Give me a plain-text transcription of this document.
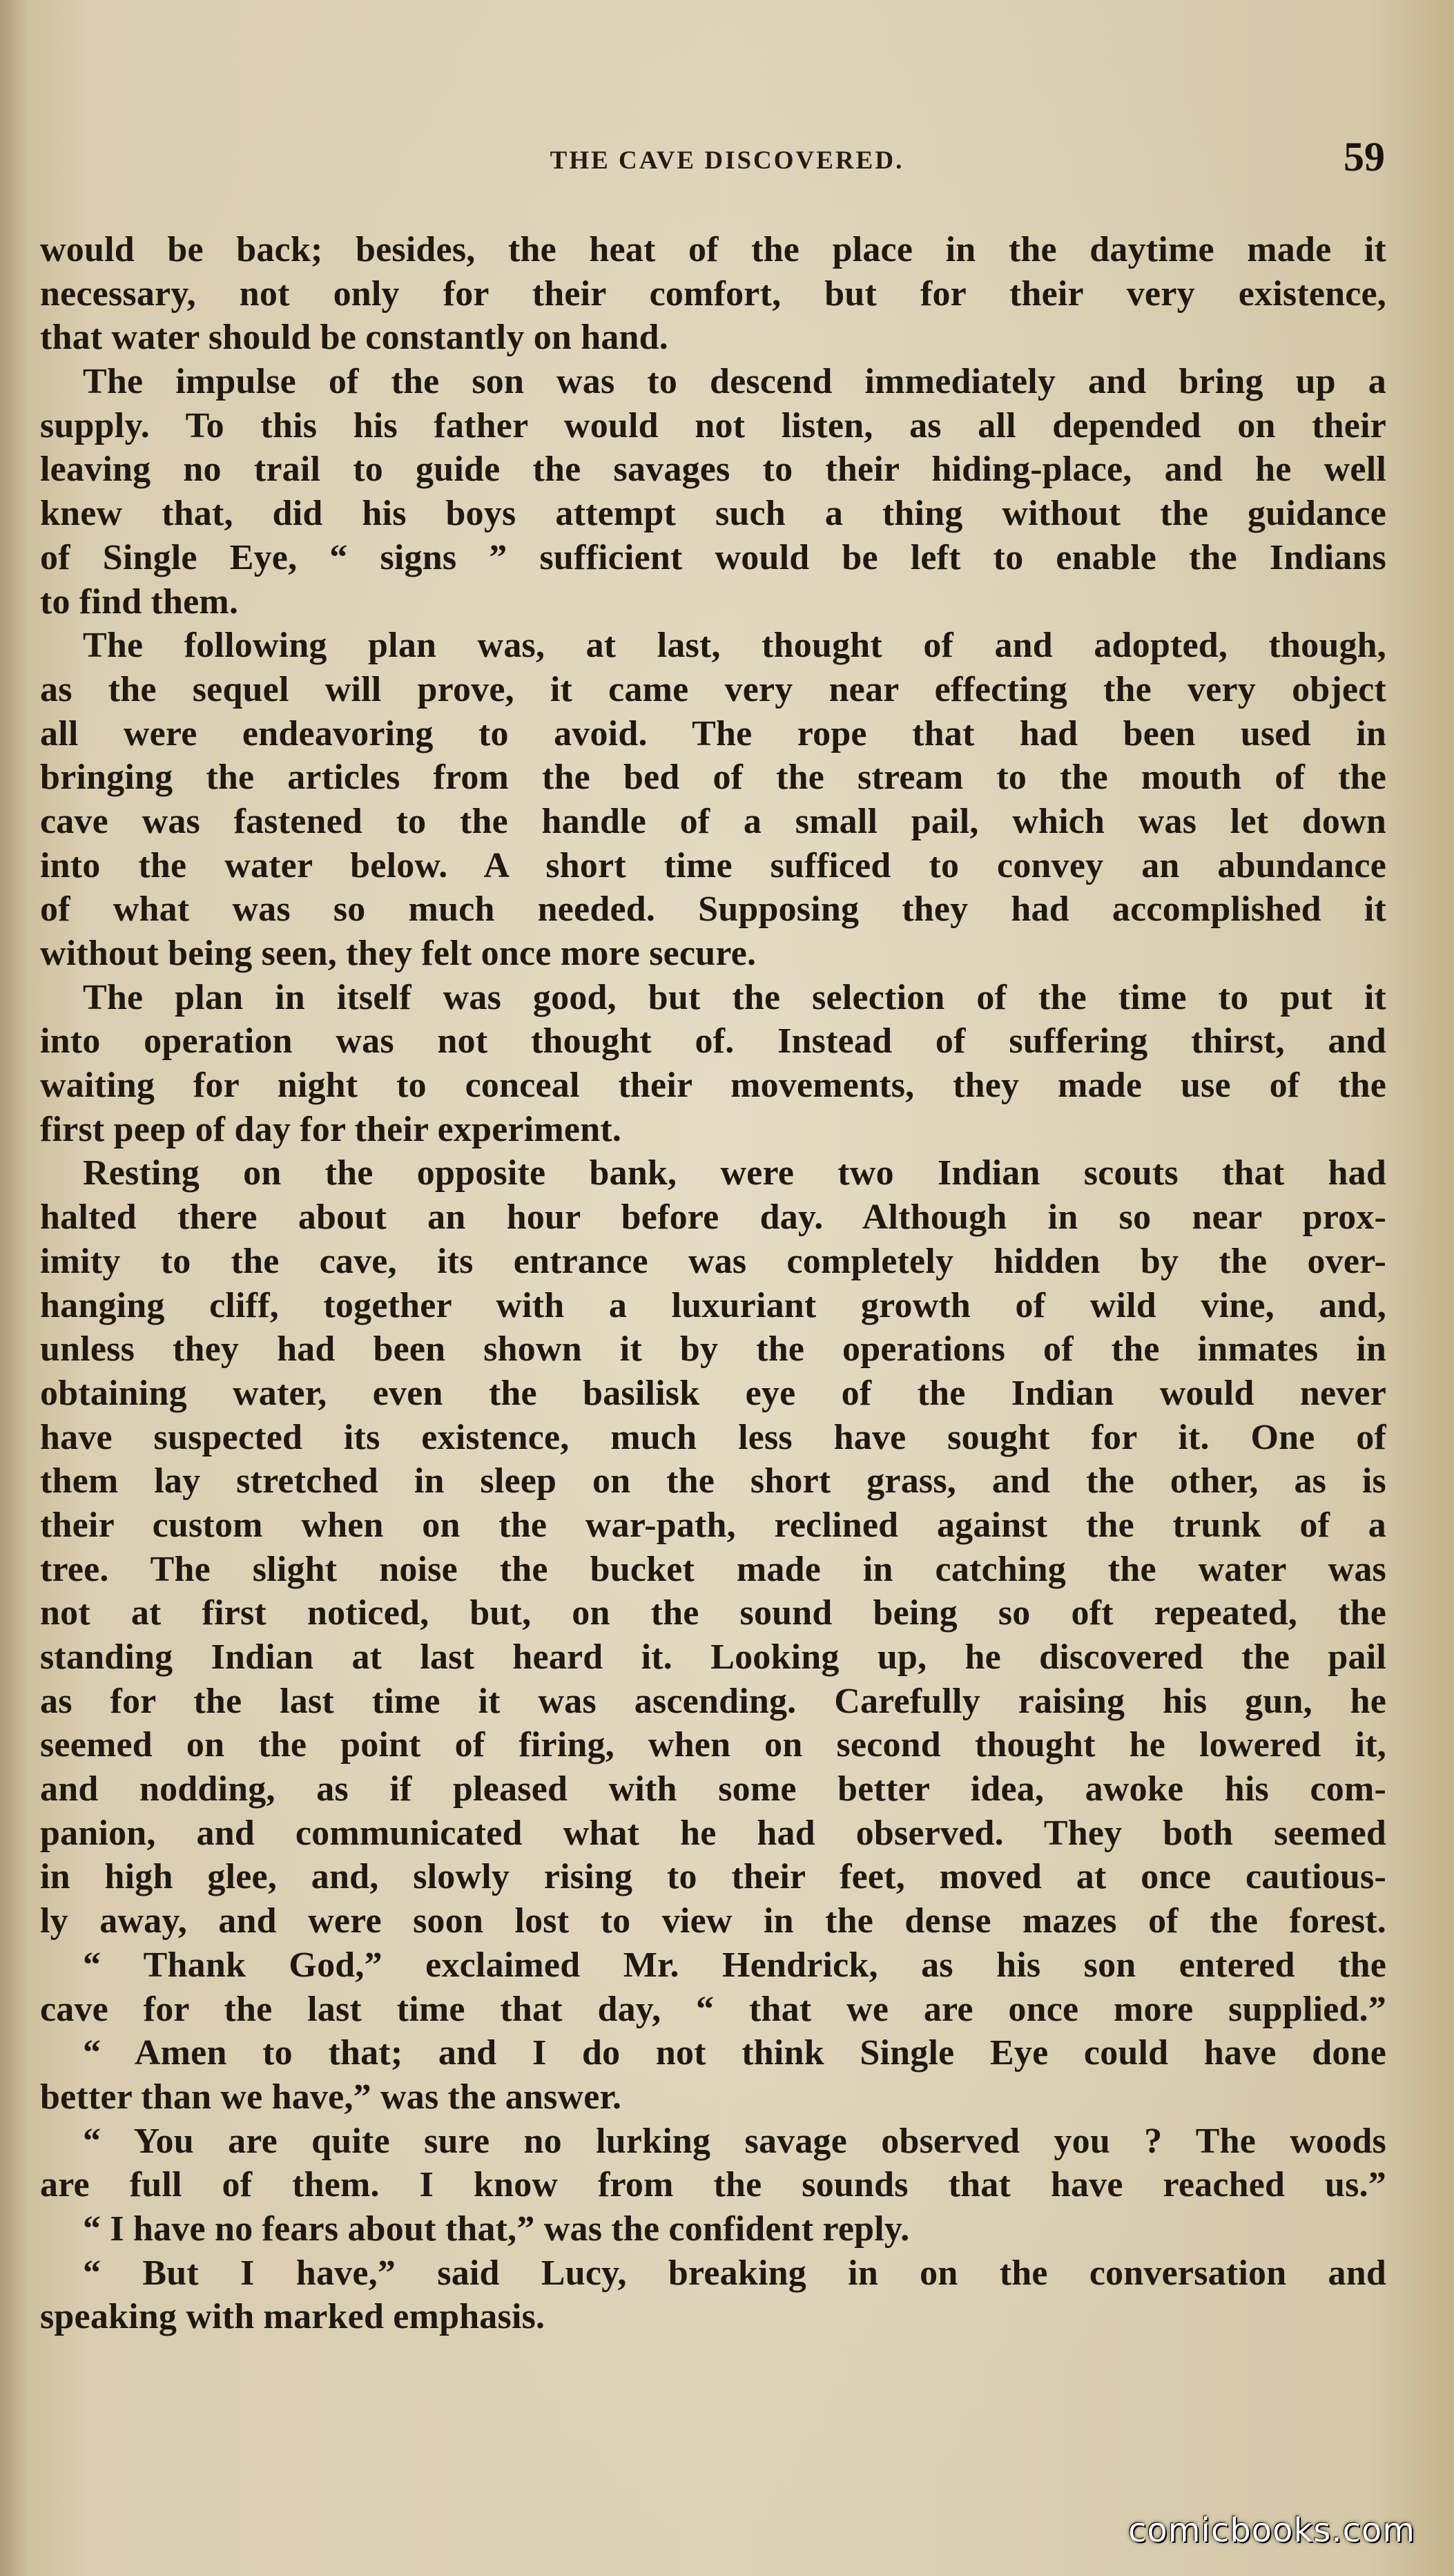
THE CAVE DISCOVERED.	59
would be back; besides, the heat of the place in the daytime made it
necessary, not only for their comfort, but for their very existence,
that water should be constantly on hand.
The impulse of the son was to descend immediately and bring up a
supply. To this his father would not listen, as all depended on their
leaving no trail to guide the savages to their hiding-place, and he well
knew that, did his boys attempt such a thing without the guidance
of Single Eye, “ signs ” sufficient would be left to enable the Indians
to find them.
The following plan was, at last, thought of and adopted, though,
as the sequel will prove, it came very near effecting the very object
all were endeavoring to avoid. The rope that had been used in
bringing the articles from the bed of the stream to the mouth of the
cave was fastened to the handle of a small pail, which was let down
into the water below. A short time sufficed to convey an abundance
of what was so much needed. Supposing they had accomplished it
without being seen, they felt once more secure.
The plan in itself was good, but the selection of the time to put it
into operation was not thought of. Instead of suffering thirst, and
waiting for night to conceal their movements, they made use of the
first peep of day for their experiment.
Resting on the opposite bank, were two Indian scouts that had
halted there about an hour before day. Although in so near prox-
imity to the cave, its entrance was completely hidden by the over-
hanging cliff, together with a luxuriant growth of wild vine, and,
unless they had been shown it by the operations of the inmates in
obtaining water, even the basilisk eye of the Indian would never
have suspected its existence, much less have sought for it. One of
them lay stretched in sleep on the short grass, and the other, as is
their custom when on the war-path, reclined against the trunk of a
tree. The slight noise the bucket made in catching the water was
not at first noticed, but, on the sound being so oft repeated, the
standing Indian at last heard it. Looking up, he discovered the pail
as for the last time it was ascending. Carefully raising his gun, he
seemed on the point of firing, when on second thought he lowered it,
and nodding, as if pleased with some better idea, awoke his com-
panion, and communicated what he had observed. They both seemed
in high glee, and, slowly rising to their feet, moved at once cautious-
ly away, and were soon lost to view in the dense mazes of the forest.
“ Thank God,” exclaimed Mr. Hendrick, as his son entered the
cave for the last time that day, “ that we are once more supplied.”
“ Amen to that; and I do not think Single Eye could have done
better than we have,” was the answer.
“ You are quite sure no lurking savage observed you ? The woods
are full of them. I know from the sounds that have reached us.”
“ I have no fears about that,” was the confident reply.
“ But I have,” said Lucy, breaking in on the conversation and
speaking with marked emphasis.
comicbooks.com
